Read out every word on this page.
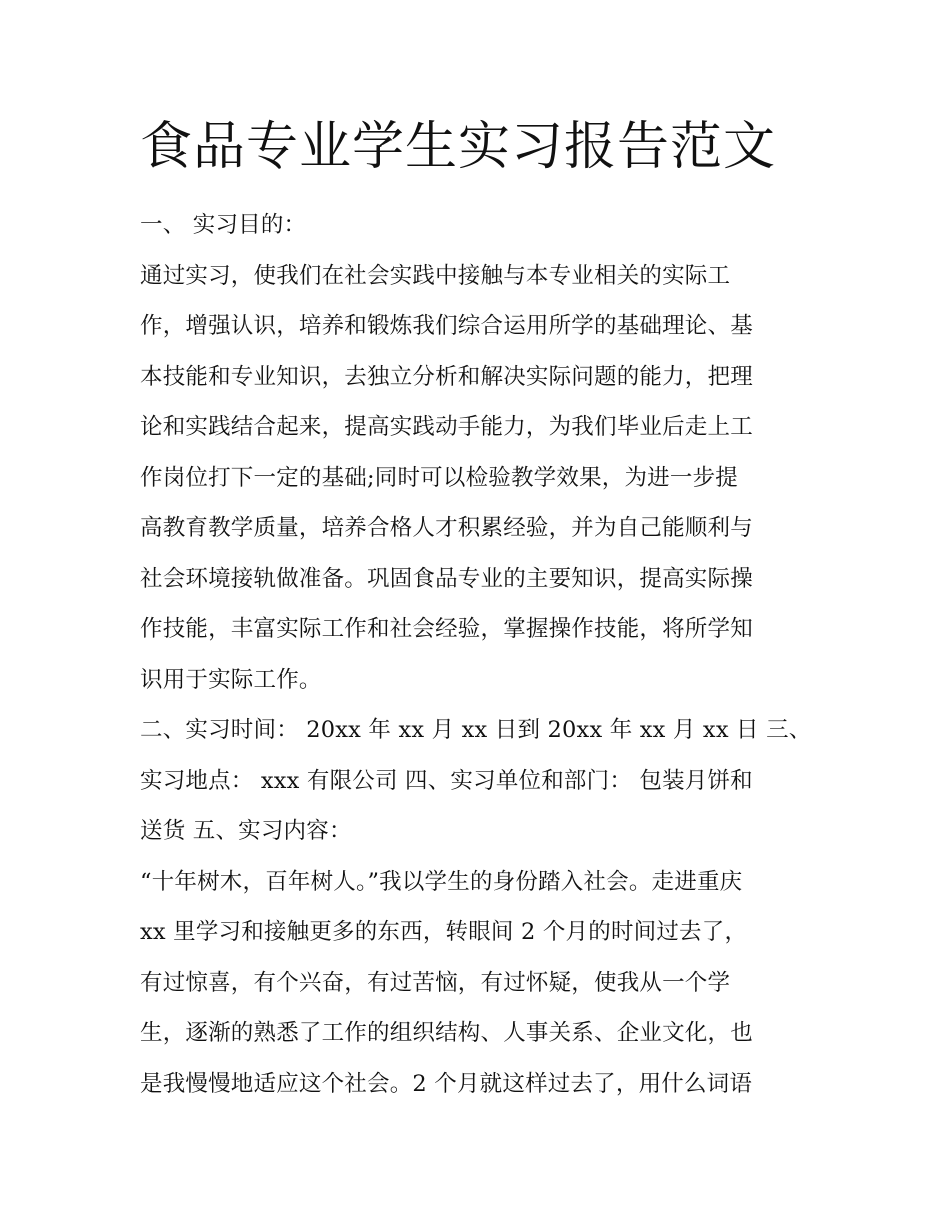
食品专业学生实习报告范文
一、 实习目的：
通过实习，使我们在社会实践中接触与本专业相关的实际工
作，增强认识，培养和锻炼我们综合运用所学的基础理论、基
本技能和专业知识，去独立分析和解决实际问题的能力，把理
论和实践结合起来，提高实践动手能力，为我们毕业后走上工
作岗位打下一定的基础;同时可以检验教学效果，为进一步提
高教育教学质量，培养合格人才积累经验，并为自己能顺利与
社会环境接轨做准备。巩固食品专业的主要知识，提高实际操
作技能，丰富实际工作和社会经验，掌握操作技能，将所学知
识用于实际工作。
二、实习时间： 20xx 年 xx 月 xx 日到 20xx 年 xx 月 xx 日 三、
实习地点： xxx 有限公司 四、实习单位和部门： 包装月饼和
送货 五、实习内容：
“十年树木，百年树人。”我以学生的身份踏入社会。走进重庆
xx 里学习和接触更多的东西，转眼间 2 个月的时间过去了，
有过惊喜，有个兴奋，有过苦恼，有过怀疑，使我从一个学
生，逐渐的熟悉了工作的组织结构、人事关系、企业文化，也
是我慢慢地适应这个社会。2 个月就这样过去了，用什么词语
